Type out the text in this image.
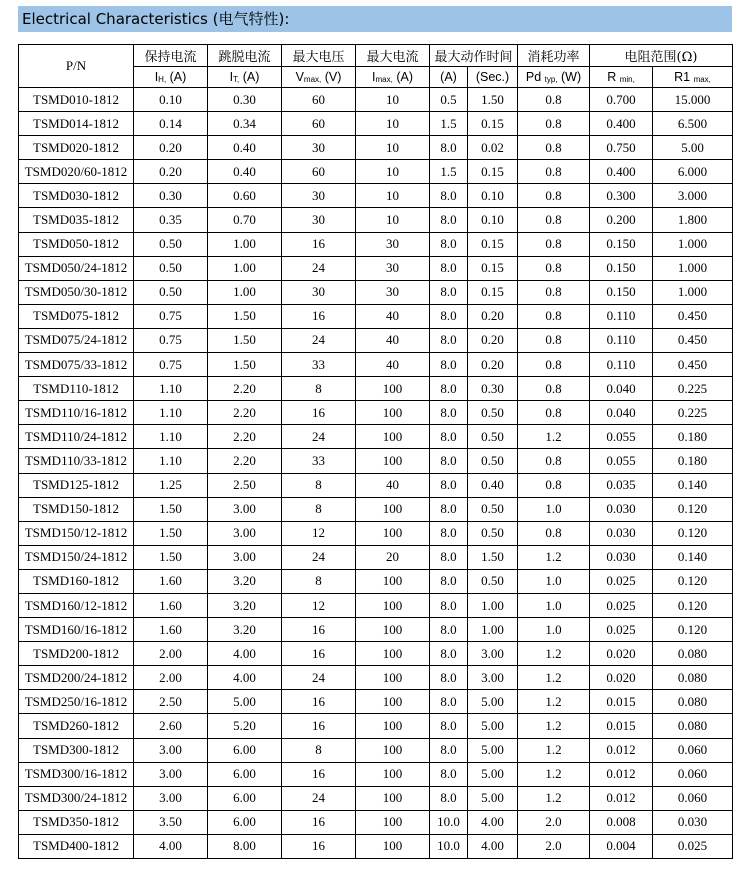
Electrical Characteristics (电气特性):
P/N	保持电流	跳脱电流	最大电压	最大电流	最大动作时间		消耗功率	电阻范围(Ω)	
	IH, (A)	IT, (A)	Vmax, (V)	Imax, (A)	(A)	(Sec.)	Pd typ, (W)	R min,	R1 max,
TSMD010-1812	0.10	0.30	60	10	0.5	1.50	0.8	0.700	15.000
TSMD014-1812	0.14	0.34	60	10	1.5	0.15	0.8	0.400	6.500
TSMD020-1812	0.20	0.40	30	10	8.0	0.02	0.8	0.750	5.00
TSMD020/60-1812	0.20	0.40	60	10	1.5	0.15	0.8	0.400	6.000
TSMD030-1812	0.30	0.60	30	10	8.0	0.10	0.8	0.300	3.000
TSMD035-1812	0.35	0.70	30	10	8.0	0.10	0.8	0.200	1.800
TSMD050-1812	0.50	1.00	16	30	8.0	0.15	0.8	0.150	1.000
TSMD050/24-1812	0.50	1.00	24	30	8.0	0.15	0.8	0.150	1.000
TSMD050/30-1812	0.50	1.00	30	30	8.0	0.15	0.8	0.150	1.000
TSMD075-1812	0.75	1.50	16	40	8.0	0.20	0.8	0.110	0.450
TSMD075/24-1812	0.75	1.50	24	40	8.0	0.20	0.8	0.110	0.450
TSMD075/33-1812	0.75	1.50	33	40	8.0	0.20	0.8	0.110	0.450
TSMD110-1812	1.10	2.20	8	100	8.0	0.30	0.8	0.040	0.225
TSMD110/16-1812	1.10	2.20	16	100	8.0	0.50	0.8	0.040	0.225
TSMD110/24-1812	1.10	2.20	24	100	8.0	0.50	1.2	0.055	0.180
TSMD110/33-1812	1.10	2.20	33	100	8.0	0.50	0.8	0.055	0.180
TSMD125-1812	1.25	2.50	8	40	8.0	0.40	0.8	0.035	0.140
TSMD150-1812	1.50	3.00	8	100	8.0	0.50	1.0	0.030	0.120
TSMD150/12-1812	1.50	3.00	12	100	8.0	0.50	0.8	0.030	0.120
TSMD150/24-1812	1.50	3.00	24	20	8.0	1.50	1.2	0.030	0.140
TSMD160-1812	1.60	3.20	8	100	8.0	0.50	1.0	0.025	0.120
TSMD160/12-1812	1.60	3.20	12	100	8.0	1.00	1.0	0.025	0.120
TSMD160/16-1812	1.60	3.20	16	100	8.0	1.00	1.0	0.025	0.120
TSMD200-1812	2.00	4.00	16	100	8.0	3.00	1.2	0.020	0.080
TSMD200/24-1812	2.00	4.00	24	100	8.0	3.00	1.2	0.020	0.080
TSMD250/16-1812	2.50	5.00	16	100	8.0	5.00	1.2	0.015	0.080
TSMD260-1812	2.60	5.20	16	100	8.0	5.00	1.2	0.015	0.080
TSMD300-1812	3.00	6.00	8	100	8.0	5.00	1.2	0.012	0.060
TSMD300/16-1812	3.00	6.00	16	100	8.0	5.00	1.2	0.012	0.060
TSMD300/24-1812	3.00	6.00	24	100	8.0	5.00	1.2	0.012	0.060
TSMD350-1812	3.50	6.00	16	100	10.0	4.00	2.0	0.008	0.030
TSMD400-1812	4.00	8.00	16	100	10.0	4.00	2.0	0.004	0.025
